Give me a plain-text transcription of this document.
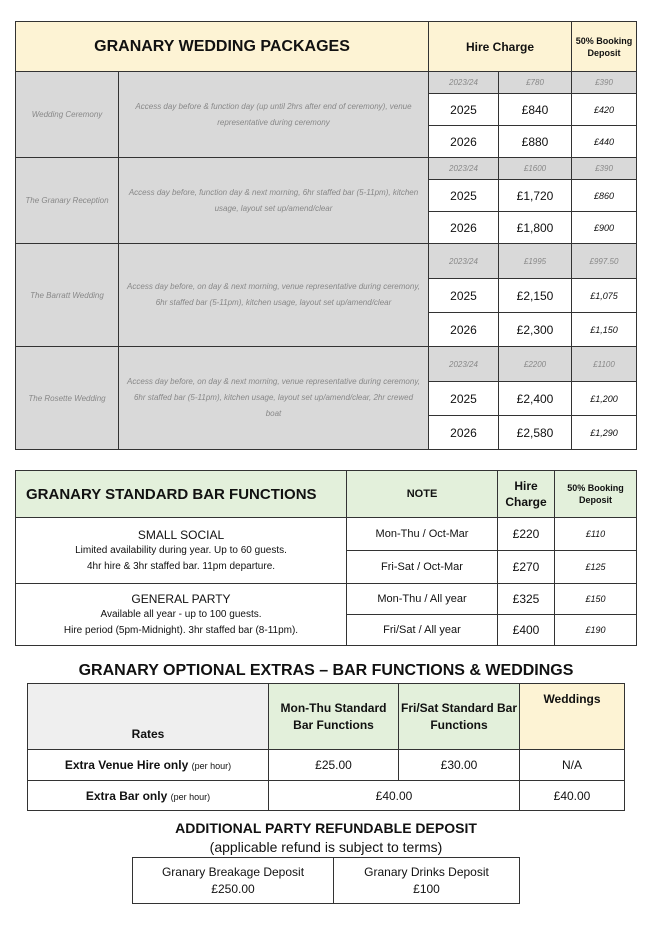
GRANARY WEDDING PACKAGES		Hire Charge		50% Booking Deposit
Wedding Ceremony	Access day before & function day (up until 2hrs after end of ceremony), venue representative during ceremony	2023/24	£780	£390
		2025	£840	£420
		2026	£880	£440
The Granary Reception	Access day before, function day & next morning, 6hr staffed bar (5-11pm), kitchen usage, layout set up/amend/clear	2023/24	£1600	£390
		2025	£1,720	£860
		2026	£1,800	£900
The Barratt Wedding	Access day before, on day & next morning, venue representative during ceremony, 6hr staffed bar (5-11pm), kitchen usage, layout set up/amend/clear	2023/24	£1995	£997.50
		2025	£2,150	£1,075
		2026	£2,300	£1,150
The Rosette Wedding	Access day before, on day & next morning, venue representative during ceremony, 6hr staffed bar (5-11pm), kitchen usage, layout set up/amend/clear, 2hr crewed boat	2023/24	£2200	£1100
		2025	£2,400	£1,200
		2026	£2,580	£1,290
GRANARY STANDARD BAR FUNCTIONS	NOTE	Hire Charge	50% Booking Deposit

SMALL SOCIAL
Limited availability during year. Up to 60 guests.
4hr hire & 3hr staffed bar. 11pm departure.	Mon-Thu / Oct-Mar	£220	£110
	Fri-Sat / Oct-Mar	£270	£125

GENERAL PARTY
Available all year - up to 100 guests.
Hire period (5pm-Midnight). 3hr staffed bar (8-11pm).	Mon-Thu / All year	£325	£150
	Fri/Sat / All year	£400	£190
GRANARY OPTIONAL EXTRAS – BAR FUNCTIONS & WEDDINGS
Rates	Mon-Thu Standard Bar Functions	Fri/Sat Standard Bar Functions	Weddings
Extra Venue Hire only (per hour)	£25.00	£30.00	N/A
Extra Bar only (per hour)	£40.00		£40.00
ADDITIONAL PARTY REFUNDABLE DEPOSIT
(applicable refund is subject to terms)
Granary Breakage Deposit
£250.00

Granary Drinks Deposit
£100
